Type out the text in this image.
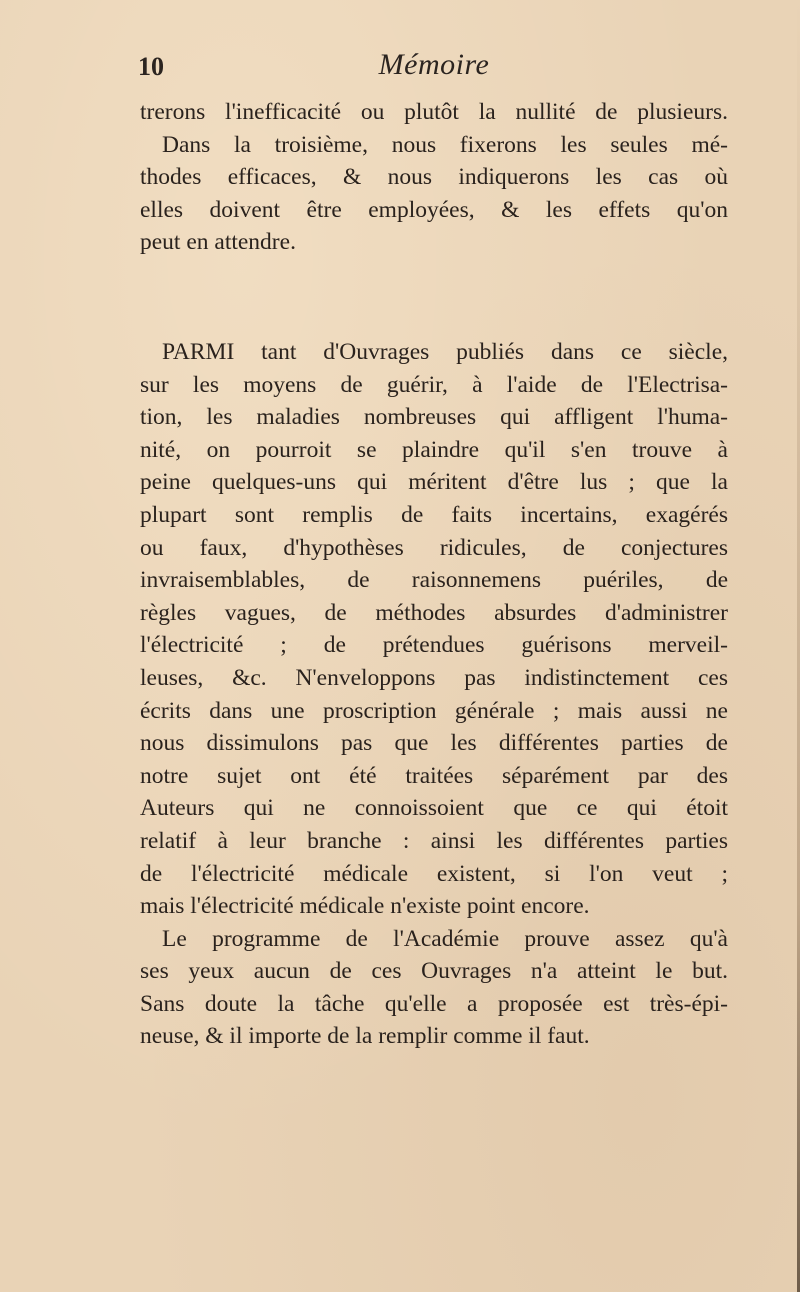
10	Mémoire
trerons l'inefficacité ou plutôt la nullité de plusieurs.
Dans la troisième, nous fixerons les seules mé-
thodes efficaces, & nous indiquerons les cas où
elles doivent être employées, & les effets qu'on
peut en attendre.
PARMI tant d'Ouvrages publiés dans ce siècle,
sur les moyens de guérir, à l'aide de l'Electrisa-
tion, les maladies nombreuses qui affligent l'huma-
nité, on pourroit se plaindre qu'il s'en trouve à
peine quelques-uns qui méritent d'être lus ; que la
plupart sont remplis de faits incertains, exagérés
ou faux, d'hypothèses ridicules, de conjectures
invraisemblables, de raisonnemens puériles, de
règles vagues, de méthodes absurdes d'administrer
l'électricité ; de prétendues guérisons merveil-
leuses, &c. N'enveloppons pas indistinctement ces
écrits dans une proscription générale ; mais aussi ne
nous dissimulons pas que les différentes parties de
notre sujet ont été traitées séparément par des
Auteurs qui ne connoissoient que ce qui étoit
relatif à leur branche : ainsi les différentes parties
de l'électricité médicale existent, si l'on veut ;
mais l'électricité médicale n'existe point encore.
Le programme de l'Académie prouve assez qu'à
ses yeux aucun de ces Ouvrages n'a atteint le but.
Sans doute la tâche qu'elle a proposée est très-épi-
neuse, & il importe de la remplir comme il faut.
